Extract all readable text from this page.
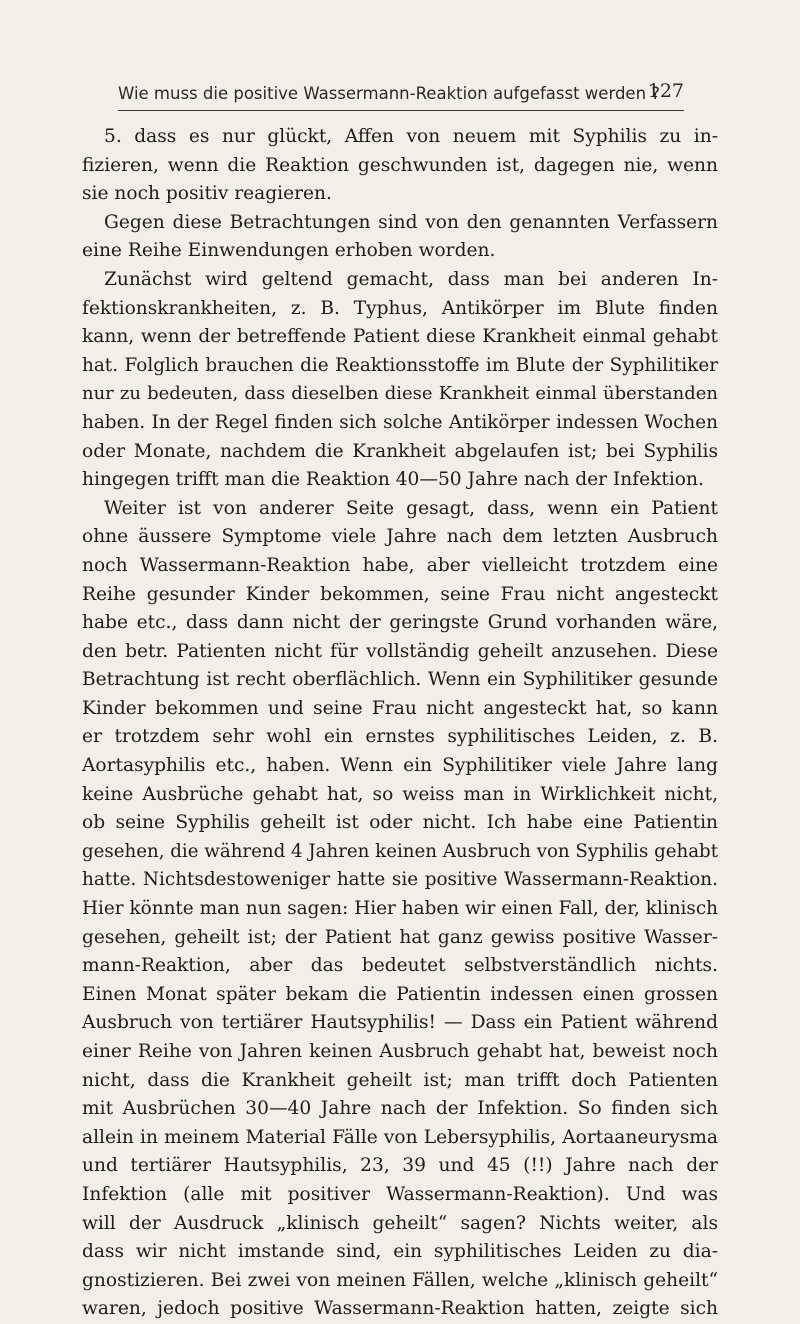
Wie muss die positive Wassermann-Reaktion aufgefasst werden ?
127
5. dass es nur glückt, Affen von neuem mit Syphilis zu in-
fizieren, wenn die Reaktion geschwunden ist, dagegen nie, wenn
sie noch positiv reagieren.
Gegen diese Betrachtungen sind von den genannten Verfassern
eine Reihe Einwendungen erhoben worden.
Zunächst wird geltend gemacht, dass man bei anderen In-
fektionskrankheiten, z. B. Typhus, Antikörper im Blute finden
kann, wenn der betreffende Patient diese Krankheit einmal gehabt
hat. Folglich brauchen die Reaktionsstoffe im Blute der Syphilitiker
nur zu bedeuten, dass dieselben diese Krankheit einmal überstanden
haben. In der Regel finden sich solche Antikörper indessen Wochen
oder Monate, nachdem die Krankheit abgelaufen ist; bei Syphilis
hingegen trifft man die Reaktion 40—50 Jahre nach der Infektion.
Weiter ist von anderer Seite gesagt, dass, wenn ein Patient
ohne äussere Symptome viele Jahre nach dem letzten Ausbruch
noch Wassermann-Reaktion habe, aber vielleicht trotzdem eine
Reihe gesunder Kinder bekommen, seine Frau nicht angesteckt
habe etc., dass dann nicht der geringste Grund vorhanden wäre,
den betr. Patienten nicht für vollständig geheilt anzusehen. Diese
Betrachtung ist recht oberflächlich. Wenn ein Syphilitiker gesunde
Kinder bekommen und seine Frau nicht angesteckt hat, so kann
er trotzdem sehr wohl ein ernstes syphilitisches Leiden, z. B.
Aortasyphilis etc., haben. Wenn ein Syphilitiker viele Jahre lang
keine Ausbrüche gehabt hat, so weiss man in Wirklichkeit nicht,
ob seine Syphilis geheilt ist oder nicht. Ich habe eine Patientin
gesehen, die während 4 Jahren keinen Ausbruch von Syphilis gehabt
hatte. Nichtsdestoweniger hatte sie positive Wassermann-Reaktion.
Hier könnte man nun sagen: Hier haben wir einen Fall, der, klinisch
gesehen, geheilt ist; der Patient hat ganz gewiss positive Wasser-
mann-Reaktion, aber das bedeutet selbstverständlich nichts.
Einen Monat später bekam die Patientin indessen einen grossen
Ausbruch von tertiärer Hautsyphilis! — Dass ein Patient während
einer Reihe von Jahren keinen Ausbruch gehabt hat, beweist noch
nicht, dass die Krankheit geheilt ist; man trifft doch Patienten
mit Ausbrüchen 30—40 Jahre nach der Infektion. So finden sich
allein in meinem Material Fälle von Lebersyphilis, Aortaaneurysma
und tertiärer Hautsyphilis, 23, 39 und 45 (!!) Jahre nach der
Infektion (alle mit positiver Wassermann-Reaktion). Und was
will der Ausdruck „klinisch geheilt“ sagen? Nichts weiter, als
dass wir nicht imstande sind, ein syphilitisches Leiden zu dia-
gnostizieren. Bei zwei von meinen Fällen, welche „klinisch geheilt“
waren, jedoch positive Wassermann-Reaktion hatten, zeigte sich
